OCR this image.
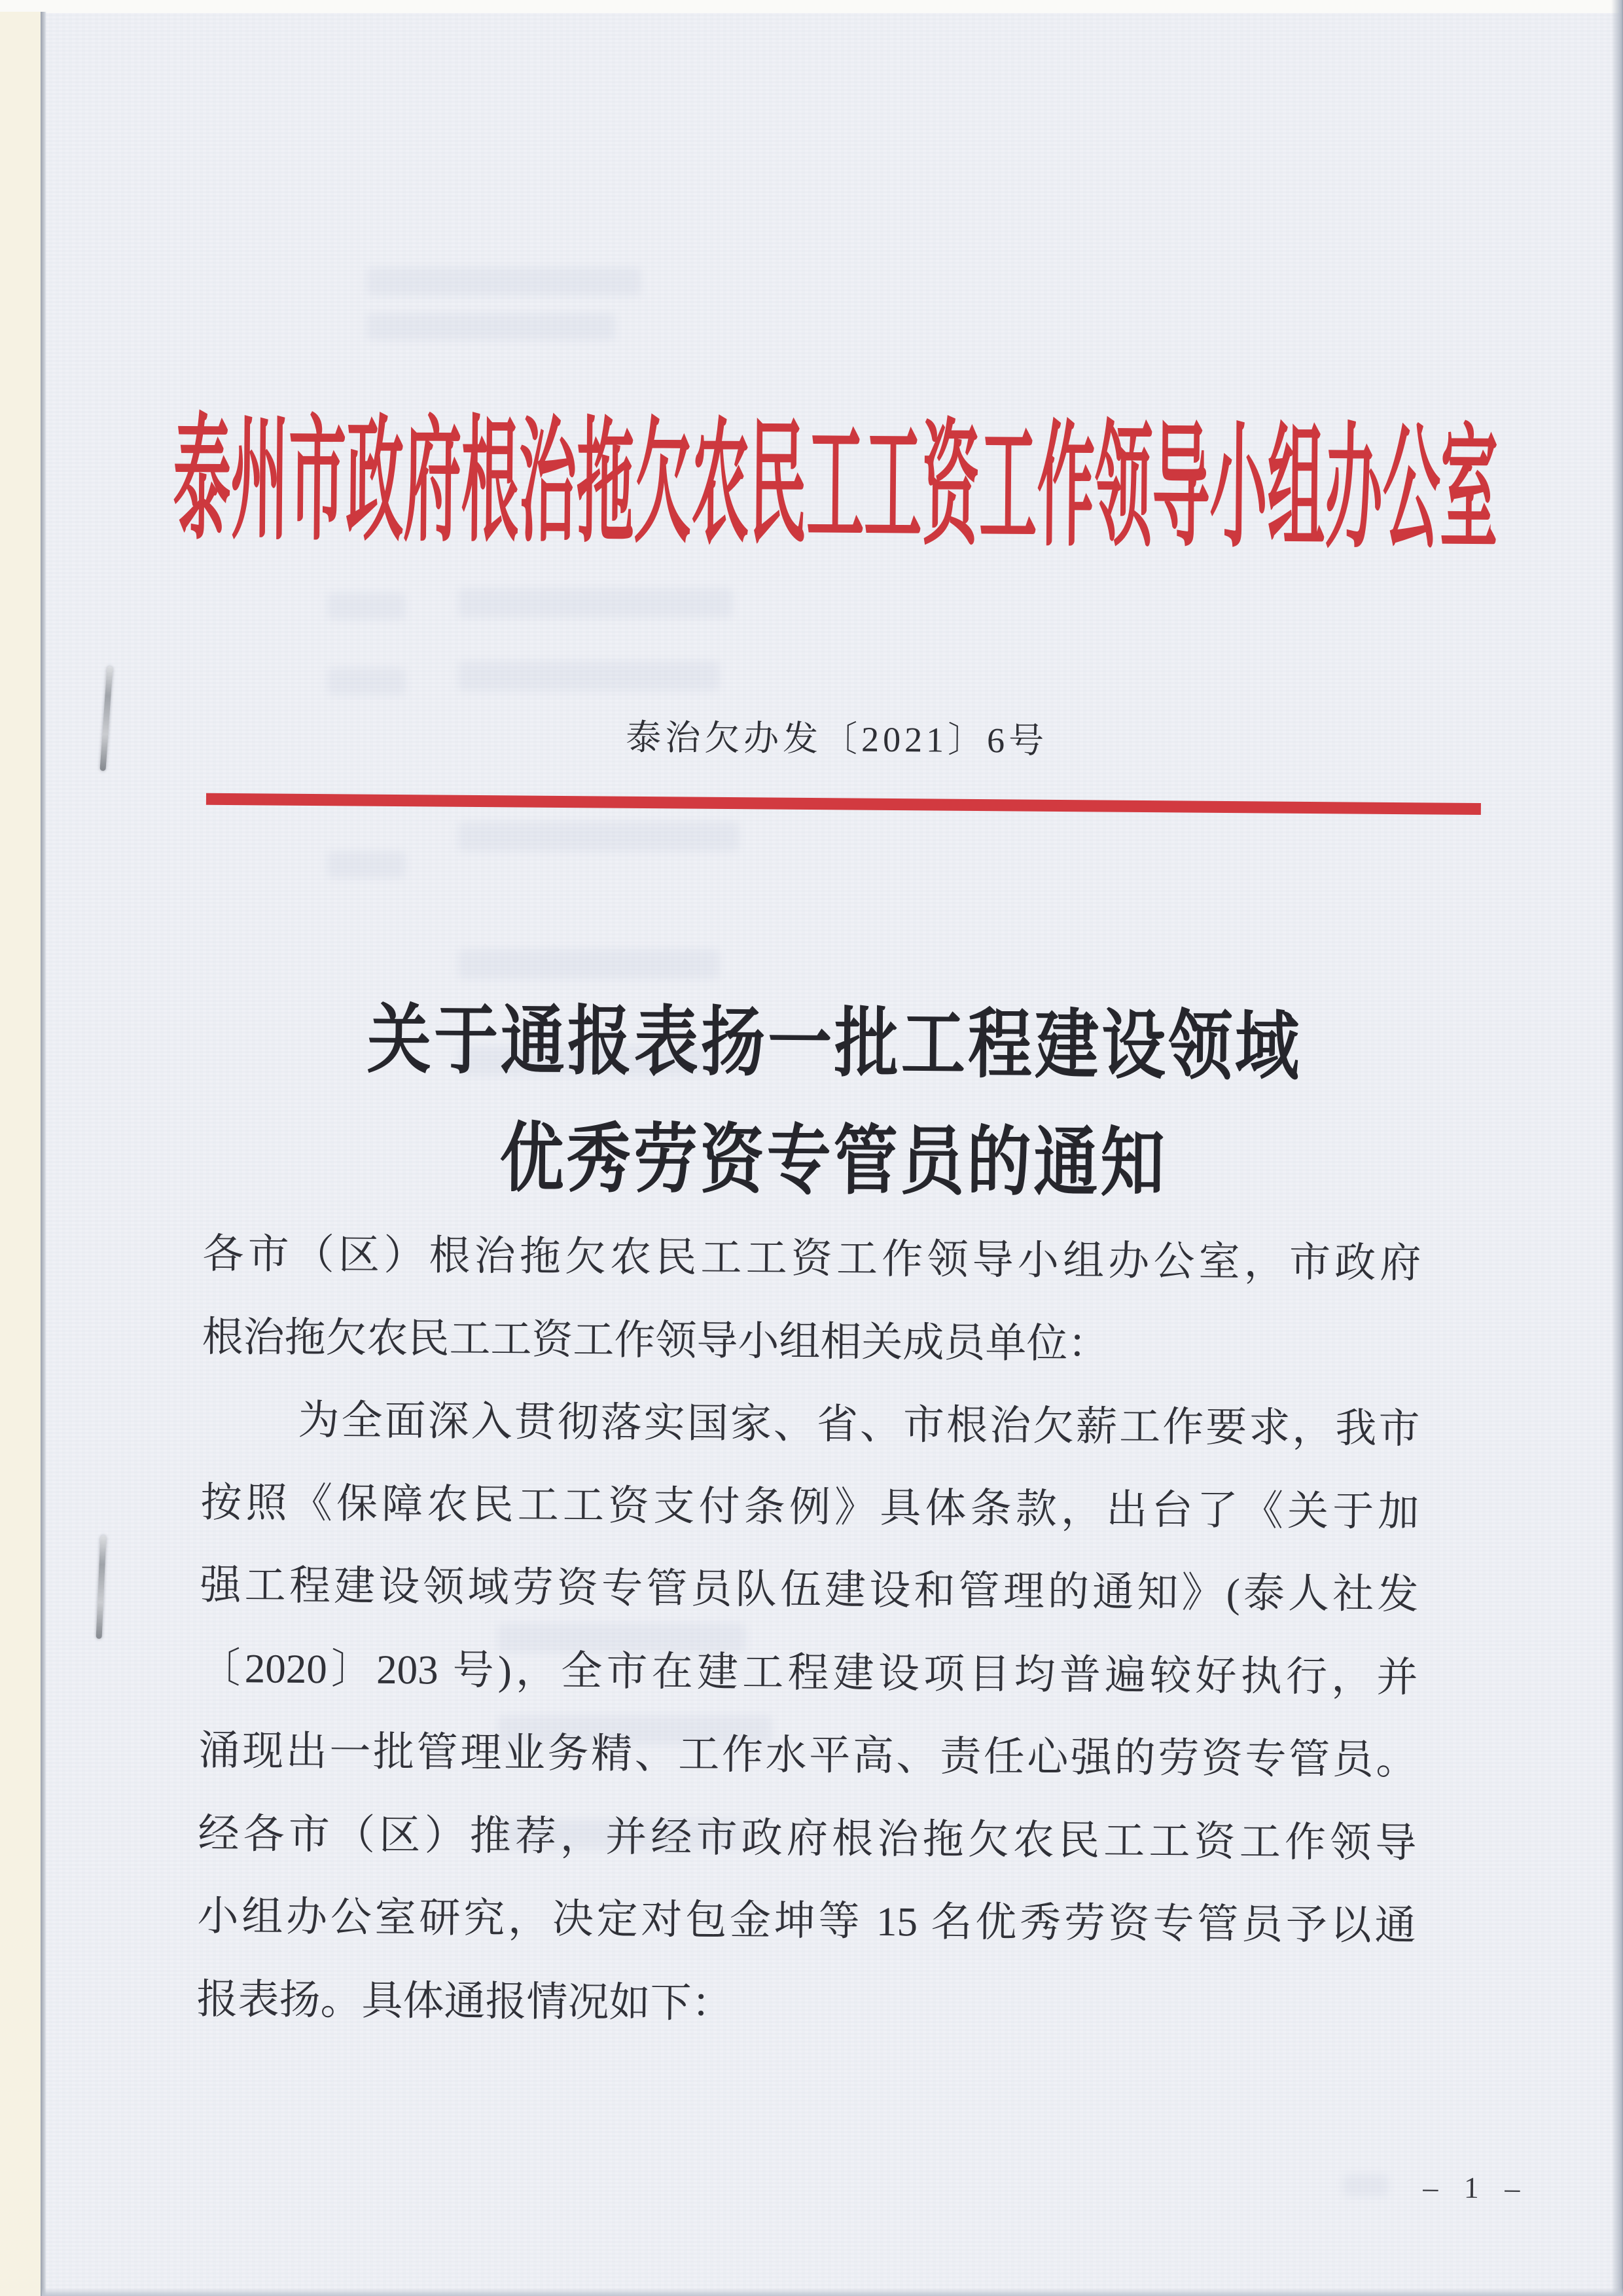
泰州市政府根治拖欠农民工工资工作领导小组办公室
泰治欠办发〔2021〕6号
关于通报表扬一批工程建设领域
优秀劳资专管员的通知
各市（区）根治拖欠农民工工资工作领导小组办公室，市政府
根治拖欠农民工工资工作领导小组相关成员单位：
为全面深入贯彻落实国家、省、市根治欠薪工作要求，我市
按照《保障农民工工资支付条例》具体条款，出台了《关于加
强工程建设领域劳资专管员队伍建设和管理的通知》(泰人社发
〔2020〕203 号)，全市在建工程建设项目均普遍较好执行，并
涌现出一批管理业务精、工作水平高、责任心强的劳资专管员。
经各市（区）推荐，并经市政府根治拖欠农民工工资工作领导
小组办公室研究，决定对包金坤等 15 名优秀劳资专管员予以通
报表扬。具体通报情况如下：
– 1 –
